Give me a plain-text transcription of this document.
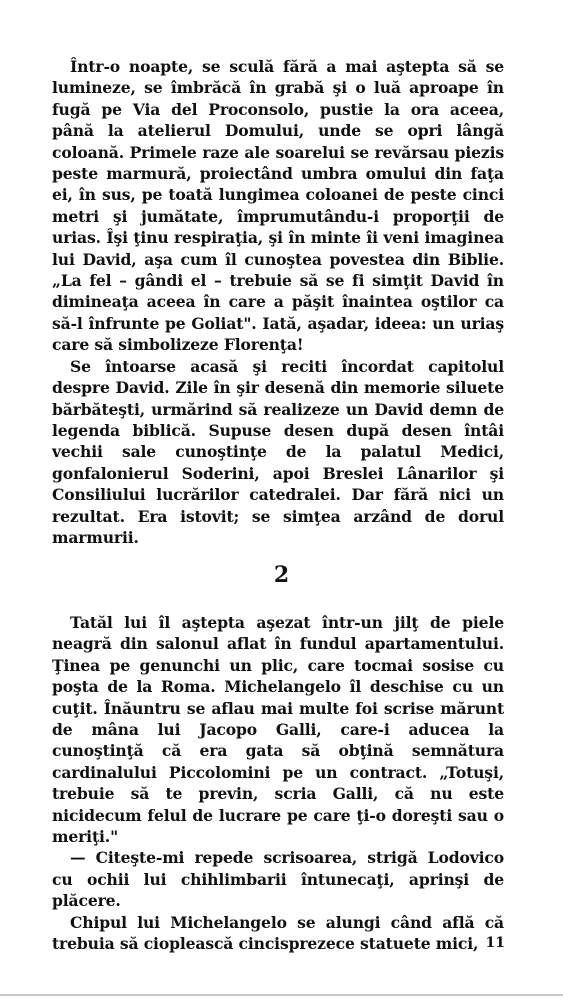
Într-o noapte, se sculă fără a mai aştepta să se lumineze, se îmbrăcă în grabă şi o luă aproape în fugă pe Via del Proconsolo, pustie la ora aceea, până la atelierul Domului, unde se opri lângă coloană. Primele raze ale soarelui se revărsau piezis peste marmură, proiectând umbra omului din faţa ei, în sus, pe toată lungimea coloanei de peste cinci metri şi jumătate, împrumutându-i proporţii de urias. Îşi ţinu respiraţia, şi în minte îi veni imaginea lui David, aşa cum îl cunoştea povestea din Biblie. „La fel – gândi el – trebuie să se fi simţit David în dimineaţa aceea în care a păşit înaintea oştilor ca să-l înfrunte pe Goliat". Iată, aşadar, ideea: un uriaş care să simbolizeze Florenţa!

Se întoarse acasă şi reciti încordat capitolul despre David. Zile în şir desenă din memorie siluete bărbăteşti, urmărind să realizeze un David demn de legenda biblică. Supuse desen după desen întâi vechii sale cunoştinţe de la palatul Medici, gonfalonierul Soderini, apoi Breslei Lânarilor şi Consiliului lucrărilor catedralei. Dar fără nici un rezultat. Era istovit; se simţea arzând de dorul marmurii.

2

Tatăl lui îl aştepta aşezat într-un jilţ de piele neagră din salonul aflat în fundul apartamentului. Ţinea pe genunchi un plic, care tocmai sosise cu poşta de la Roma. Michelangelo îl deschise cu un cuţit. Înăuntru se aflau mai multe foi scrise mărunt de mâna lui Jacopo Galli, care-i aducea la cunoştinţă că era gata să obţină semnătura cardinalului Piccolomini pe un contract. „Totuşi, trebuie să te previn, scria Galli, că nu este nicidecum felul de lucrare pe care ţi-o doreşti sau o meriţi."

— Citeşte-mi repede scrisoarea, strigă Lodovico cu ochii lui chihlimbarii întunecaţi, aprinşi de plăcere.

Chipul lui Michelangelo se alungi când află că trebuia să cioplească cincisprezece statuete mici, 11
